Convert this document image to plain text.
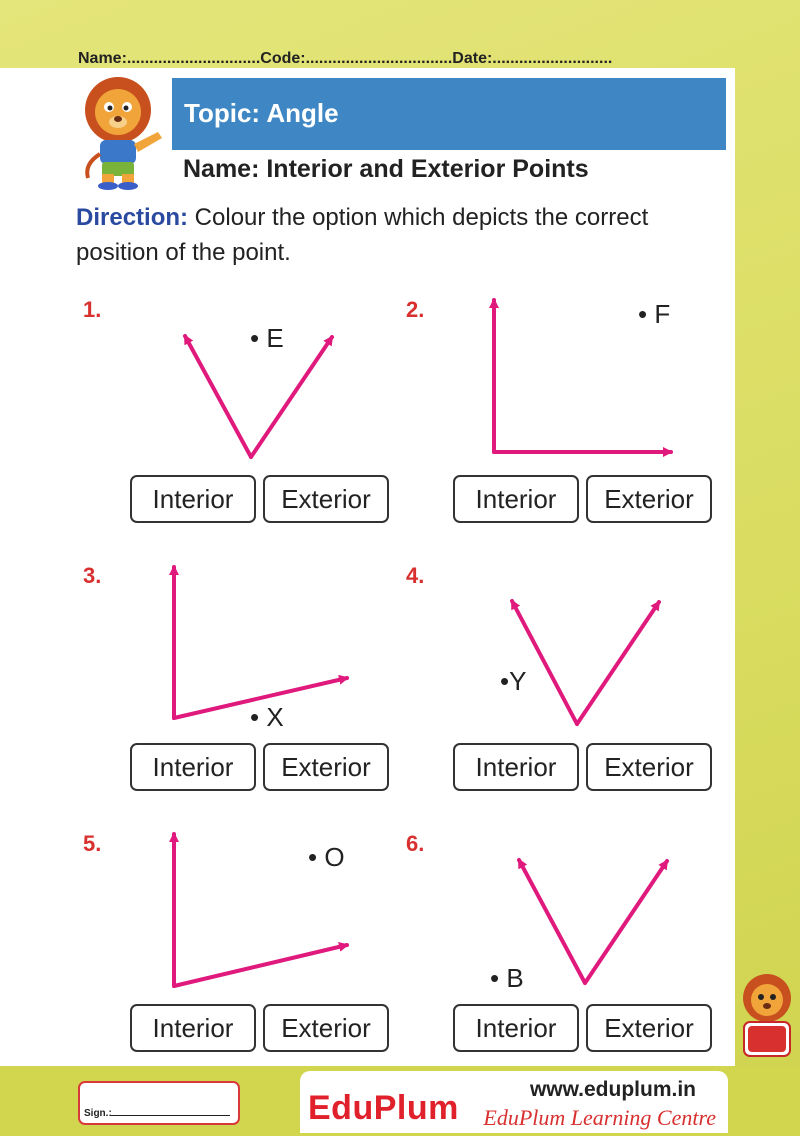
Name:..............................Code:.................................Date:...........................
Topic: Angle
Name: Interior and Exterior Points
Direction: Colour the option which depicts the correct position of the point.
1.	2.
3.	4.
5.	6.
• E
• F
• X
•Y
• O
• B
Interior	Exterior	Interior	Exterior
Interior	Exterior	Interior	Exterior
Interior	Exterior	Interior	Exterior
Sign.:
www.eduplum.in
EduPlum EduPlum Learning Centre
